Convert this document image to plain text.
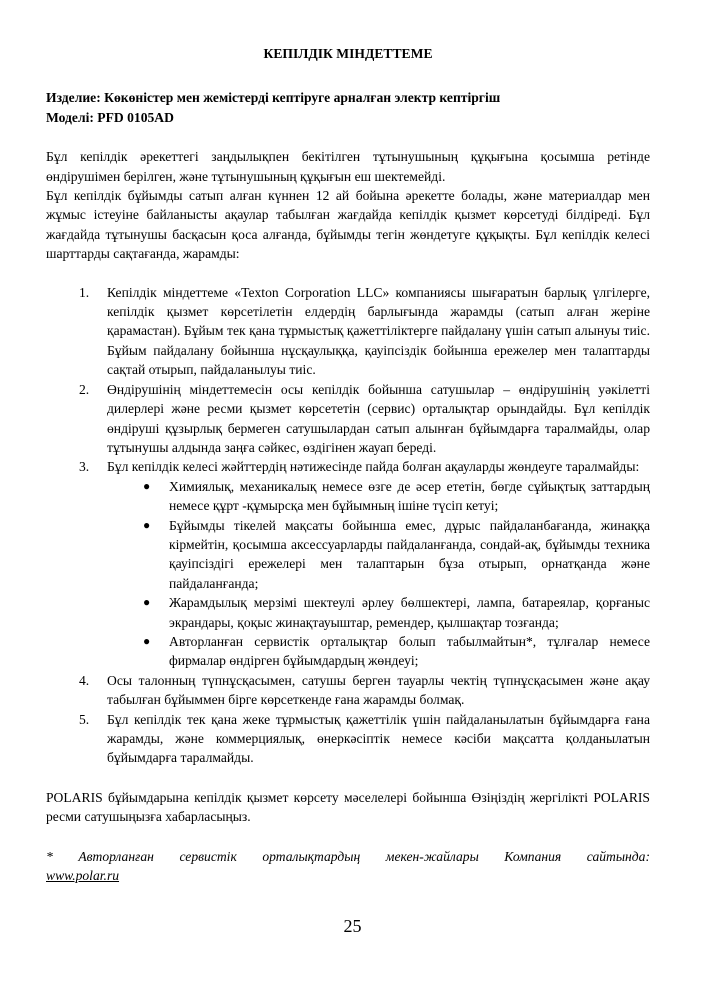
КЕПІЛДІК МІНДЕТТЕМЕ

Изделие: Көкөністер мен жемістерді кептіруге арналған электр кептіргіш

Моделі: PFD 0105AD

Бұл кепілдік әрекеттегі заңдылықпен бекітілген тұтынушының құқығына қосымша ретінде өндірушімен берілген, және тұтынушының құқығын еш шектемейді.

Бұл кепілдік бұйымды сатып алған күннен 12 ай бойына әрекетте болады, және материалдар мен жұмыс істеуіне байланысты ақаулар табылған жағдайда кепілдік қызмет көрсетуді білдіреді. Бұл жағдайда тұтынушы басқасын қоса алғанда, бұйымды тегін жөндетуге құқықты. Бұл кепілдік келесі шарттарды сақтағанда, жарамды:

1. Кепілдік міндеттеме «Texton Corporation LLC» компаниясы шығаратын барлық үлгілерге, кепілдік қызмет көрсетілетін елдердің барлығында жарамды (сатып алған жеріне қарамастан). Бұйым тек қана тұрмыстық қажеттіліктерге пайдалану үшін сатып алынуы тиіс. Бұйым пайдалану бойынша нұсқаулыққа, қауіпсіздік бойынша ережелер мен талаптарды сақтай отырып, пайдаланылуы тиіс.
2. Өндірушінің міндеттемесін осы кепілдік бойынша сатушылар – өндірушінің уәкілетті дилерлері және ресми қызмет көрсететін (сервис) орталықтар орындайды. Бұл кепілдік өндіруші құзырлық бермеген сатушылардан сатып алынған бұйымдарға таралмайды, олар тұтынушы алдында заңға сәйкес, өздігінен жауап береді.
3. Бұл кепілдік келесі жәйттердің нәтижесінде пайда болған ақауларды жөндеуге таралмайды:
● Химиялық, механикалық немесе өзге де әсер ететін, бөгде сұйықтық заттардың немесе құрт -құмырсқа мен бұйымның ішіне түсіп кетуі;
● Бұйымды тікелей мақсаты бойынша емес, дұрыс пайдаланбағанда, жинаққа кірмейтін, қосымша аксессуарларды пайдаланғанда, сондай-ақ, бұйымды техника қауіпсіздігі ережелері мен талаптарын бұза отырып, орнатқанда және пайдаланғанда;
● Жарамдылық мерзімі шектеулі әрлеу бөлшектері, лампа, батареялар, қорғаныс экрандары, қоқыс жинақтауыштар, ремендер, қылшақтар тозғанда;
● Авторланған сервистік орталықтар болып табылмайтын*, тұлғалар немесе фирмалар өндірген бұйымдардың жөндеуі;
4. Осы талонның түпнұсқасымен, сатушы берген тауарлы чектің түпнұсқасымен және ақау табылған бұйыммен бірге көрсеткенде ғана жарамды болмақ.
5. Бұл кепілдік тек қана жеке тұрмыстық қажеттілік үшін пайдаланылатын бұйымдарға ғана жарамды, және коммерциялық, өнеркәсіптік немесе кәсіби мақсатта қолданылатын бұйымдарға таралмайды.

POLARIS бұйымдарына кепілдік қызмет көрсету мәселелері бойынша Өзіңіздің жергілікті POLARIS ресми сатушыңызға хабарласыңыз.

* Авторланған сервистік орталықтардың мекен-жайлары Компания сайтында:
www.polar.ru
25
